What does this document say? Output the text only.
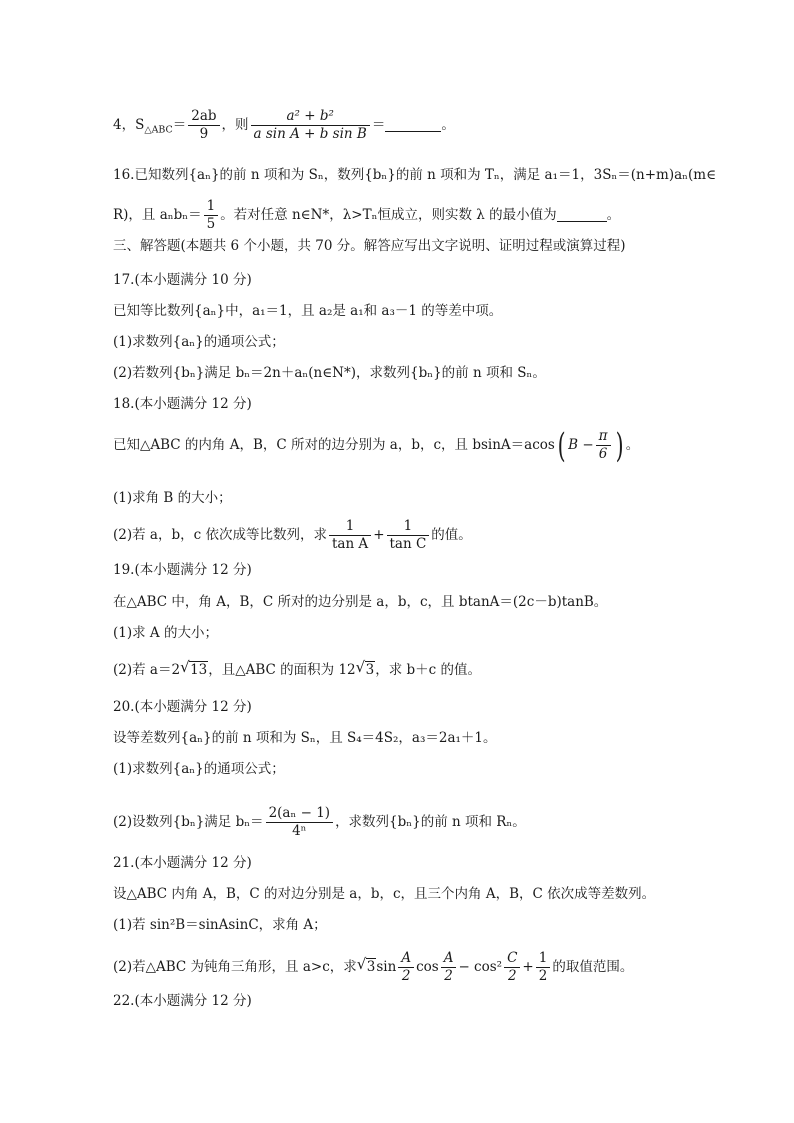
4，$S_{\triangle ABC}= \frac{2ab}{9}$ ，则 $\frac{\text{a² + b²}}{\text{a sin A + b sin B}}$ ＝	。
16.已知数列{aₙ}的前 n 项和为 Sₙ，数列{bₙ}的前 n 项和为 Tₙ，满足 a₁＝1，3Sₙ＝(n+m)aₙ(m∈
R)，且 $a_nb_n= \frac{1}{5}$ 。若对任意 n∈N*，λ>Tₙ恒成立，则实数 λ 的最小值为	。
三、解答题(本题共 6 个小题，共 70 分。解答应写出文字说明、证明过程或演算过程)
17.(本小题满分 10 分)
已知等比数列{aₙ}中，a₁＝1，且 a₂是 a₁和 a₃－1 的等差中项。
(1)求数列{aₙ}的通项公式；
(2)若数列{bₙ}满足 bₙ＝2n＋aₙ(n∈N*)，求数列{bₙ}的前 n 项和 Sₙ。
18.(本小题满分 12 分)
已知△ABC 的内角 A，B，C 所对的边分别为 a，b，c，且 bsinA＝acos( $B - \frac{\pi}{6}$ ) 。
(1)求角 B 的大小；
(2)若 a，b，c 依次成等比数列，求 $\frac{1}{\text{tan A}} + \frac{1}{\text{tan C}}$ 的值。
19.(本小题满分 12 分)
在△ABC 中，角 A，B，C 所对的边分别是 a，b，c，且 btanA＝(2c－b)tanB。
(1)求 A 的大小；
(2)若 a＝2 √ 13，且△ABC 的面积为 12 √ 3，求 b＋c 的值。
20.(本小题满分 12 分)
设等差数列{aₙ}的前 n 项和为 Sₙ，且 S₄＝4S₂，a₃＝2a₁＋1。
(1)求数列{aₙ}的通项公式；
(2)设数列{bₙ}满足 $b_n= \frac{\text{2(aₙ − 1)}}{\text{4ⁿ}}$ ，求数列{bₙ}的前 n 项和 Rₙ。
21.(本小题满分 12 分)
设△ABC 内角 A，B，C 的对边分别是 a，b，c，且三个内角 A，B，C 依次成等差数列。
(1)若 sin²B＝sinAsinC，求角 A；
(2)若△ABC 为钝角三角形，且 a>c，求 √ $3\sin \frac{A}{2}$ $\cos \frac{A}{2} - \cos^2 \frac{C}{2} + \frac{1}{2}$ 的取值范围。
22.(本小题满分 12 分)
